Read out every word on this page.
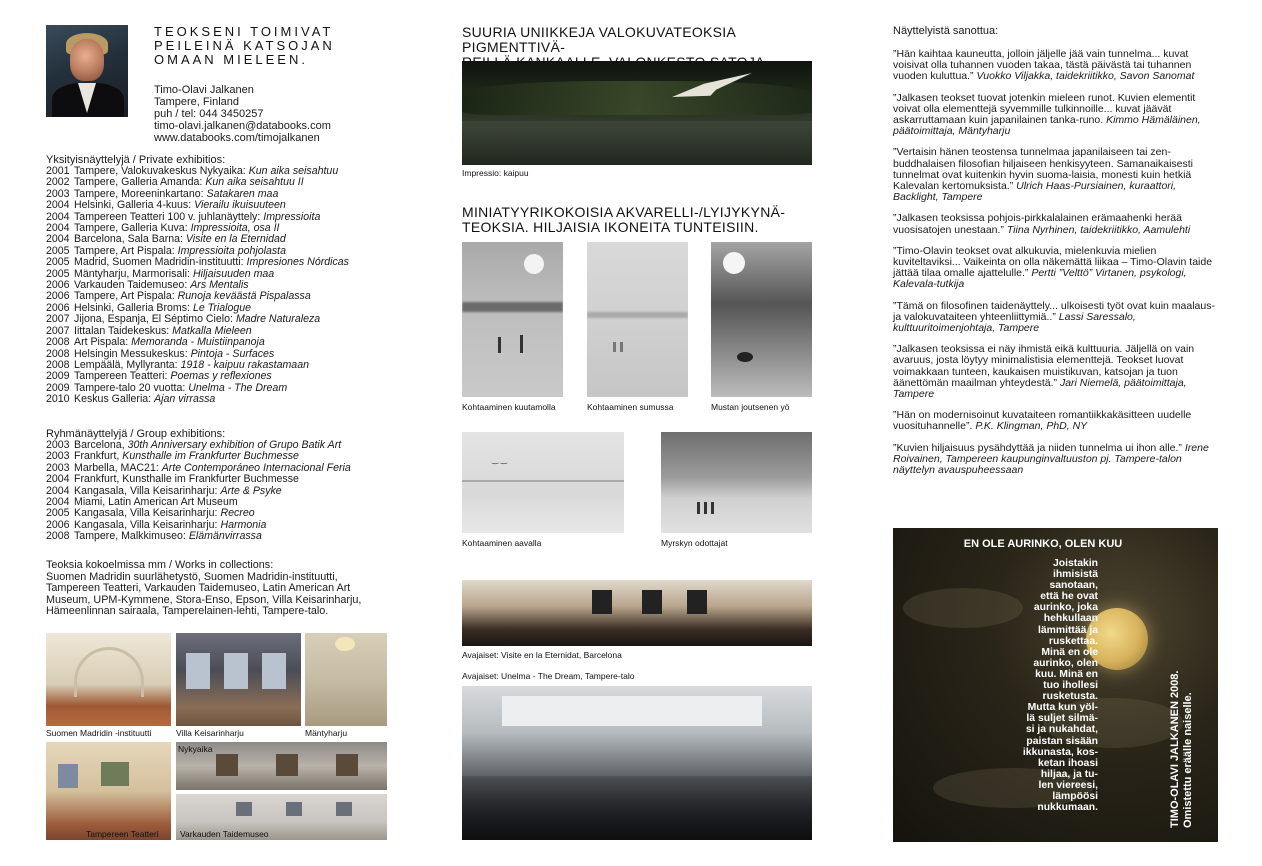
TEOKSENI TOIMIVAT
PEILEINÄ KATSOJAN
OMAAN MIELEEN.
Timo-Olavi Jalkanen
Tampere, Finland
puh / tel: 044 3450257
timo-olavi.jalkanen@databooks.com
www.databooks.com/timojalkanen
Yksityisnäyttelyjä / Private exhibitios:
2001 Tampere, Valokuvakeskus Nykyaika: Kun aika seisahtuu
2002 Tampere, Galleria Amanda: Kun aika seisahtuu II
2003 Tampere, Moreeninkartano: Satakaren maa
2004 Helsinki, Galleria 4-kuus: Vierailu ikuisuuteen
2004 Tampereen Teatteri 100 v. juhlanäyttely: Impressioita
2004 Tampere, Galleria Kuva: Impressioita, osa II
2004 Barcelona, Sala Barna: Visite en la Eternidad
2005 Tampere, Art Pispala: Impressioita pohjolasta
2005 Madrid, Suomen Madridin-instituutti: Impresiones Nórdicas
2005 Mäntyharju, Marmorisali: Hiljaisuuden maa
2006 Varkauden Taidemuseo: Ars Mentalis
2006 Tampere, Art Pispala: Runoja keväästä Pispalassa
2006 Helsinki, Galleria Broms: Le Trialogue
2007 Jijona, Espanja, El Séptimo Cielo: Madre Naturaleza
2007 Iittalan Taidekeskus: Matkalla Mieleen
2008 Art Pispala: Memoranda - Muistiinpanoja
2008 Helsingin Messukeskus: Pintoja - Surfaces
2008 Lempäälä, Myllyranta: 1918 - kaipuu rakastamaan
2009 Tampereen Teatteri: Poemas y reflexiones
2009 Tampere-talo 20 vuotta: Unelma - The Dream
2010 Keskus Galleria: Ajan virrassa
Ryhmänäyttelyjä / Group exhibitions:
2003 Barcelona, 30th Anniversary exhibition of Grupo Batik Art
2003 Frankfurt, Kunsthalle im Frankfurter Buchmesse
2003 Marbella, MAC21: Arte Contemporáneo Internacional Feria
2004 Frankfurt, Kunsthalle im Frankfurter Buchmesse
2004 Kangasala, Villa Keisarinharju: Arte & Psyke
2004 Miami, Latin American Art Museum
2005 Kangasala, Villa Keisarinharju: Recreo
2006 Kangasala, Villa Keisarinharju: Harmonia
2008 Tampere, Malkkimuseo: Elämänvirrassa
Teoksia kokoelmissa mm / Works in collections:
Suomen Madridin suurlähetystö, Suomen Madridin-instituutti,
Tampereen Teatteri, Varkauden Taidemuseo, Latin American Art
Museum, UPM-Kymmene, Stora-Enso, Epson, Villa Keisarinharju,
Hämeenlinnan sairaala, Tamperelainen-lehti, Tampere-talo.
Suomen Madridin -instituutti	Villa Keisarinharju	Mäntyharju
Tampereen Teatteri
Nykyaika
Varkauden Taidemuseo
SUURIA UNIIKKEJA VALOKUVATEOKSIA PIGMENTTIVÄ-
Impressio: kaipuu
MINIATYYRIKOKOISIA AKVARELLI-/LYIJYKYNÄ-
TEOKSIA. HILJAISIA IKONEITA TUNTEISIIN.
Kohtaaminen kuutamolla	Kohtaaminen sumussa	Mustan joutsenen yö
‿ ‿
Kohtaaminen aavalla	Myrskyn odottajat
Avajaiset: Visite en la Eternidat, Barcelona
Avajaiset: Unelma - The Dream, Tampere-talo
Näyttelyistä sanottua:
”Hän kaihtaa kauneutta, jolloin jäljelle jää vain tunnelma... kuvat voisivat olla tuhannen vuoden takaa, tästä päivästä tai tuhannen vuoden kuluttua.” Vuokko Viljakka, taidekriitikko, Savon Sanomat
”Jalkasen teokset tuovat jotenkin mieleen runot. Kuvien elementit voivat olla elementtejä syvemmille tulkinnoille... kuvat jäävät askarruttamaan kuin japanilainen tanka-runo. Kimmo Hämäläinen, päätoimittaja, Mäntyharju
”Vertaisin hänen teostensa tunnelmaa japanilaiseen tai zen-buddhalaisen filosofian hiljaiseen henkisyyteen. Samanaikaisesti tunnelmat ovat kuitenkin hyvin suoma-laisia, monesti kuin hetkiä Kalevalan kertomuksista.” Ulrich Haas-Pursiainen, kuraattori, Backlight, Tampere
”Jalkasen teoksissa pohjois-pirkkalalainen erämaahenki herää vuosisatojen unestaan.” Tiina Nyrhinen, taidekriitikko, Aamulehti
”Timo-Olavin teokset ovat alkukuvia, mielenkuvia mielien kuviteltaviksi... Vaikeinta on olla näkemättä liikaa – Timo-Olavin taide jättää tilaa omalle ajattelulle.” Pertti ”Velttö” Virtanen, psykologi, Kalevala-tutkija
”Tämä on filosofinen taidenäyttely... ulkoisesti työt ovat kuin maalaus- ja valokuvataiteen yhteenliittymiä..” Lassi Saressalo, kulttuuritoimenjohtaja, Tampere
”Jalkasen teoksissa ei näy ihmistä eikä kulttuuria. Jäljellä on vain avaruus, josta löytyy minimalistisia elementtejä. Teokset luovat voimakkaan tunteen, kaukaisen muistikuvan, katsojan ja tuon äänettömän maailman yhteydestä.” Jari Niemelä, päätoimittaja, Tampere
”Hän on modernisoinut kuvataiteen romantiikkakäsitteen uudelle vuosituhannelle”. P.K. Klingman, PhD, NY
”Kuvien hiljaisuus pysähdyttää ja niiden tunnelma ui ihon alle.” Irene Roivainen, Tampereen kaupunginvaltuuston pj. Tampere-talon näyttelyn avauspuheessaan
EN OLE AURINKO, OLEN KUU
Joistakin
ihmisistä
sanotaan,
että he ovat
aurinko, joka
hehkullaan
lämmittää ja
ruskettaa.
Minä en ole
aurinko, olen
kuu. Minä en
tuo ihollesi
rusketusta.
Mutta kun yöl-
lä suljet silmä-
si ja nukahdat,
paistan sisään
ikkunasta, kos-
ketan ihoasi
hiljaa, ja tu-
len viereesi,
lämpöösi
nukkumaan.	TIMO-OLAVI JALKANEN 2008. Omistettu eräälle naiselle.
